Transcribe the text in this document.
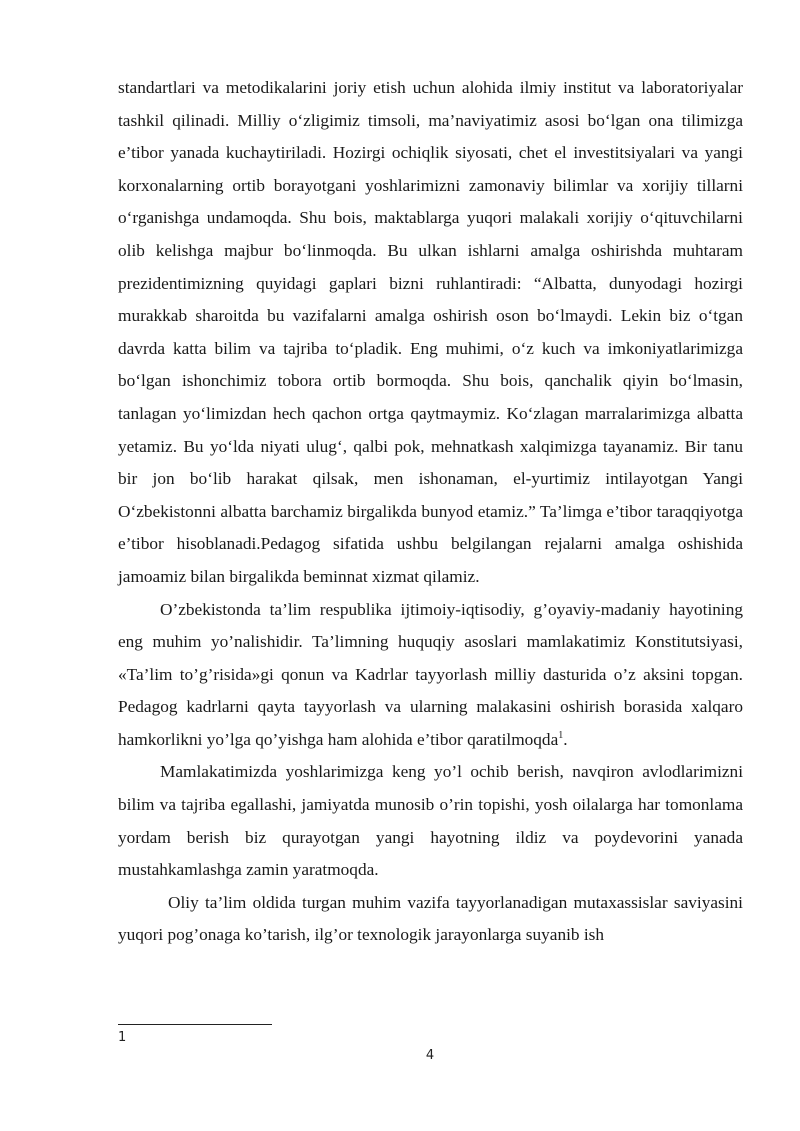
standartlari va metodikalarini joriy etish uchun alohida ilmiy institut va laboratoriyalar tashkil qilinadi. Milliy o‘zligimiz timsoli, ma’naviyatimiz asosi bo‘lgan ona tilimizga e’tibor yanada kuchaytiriladi. Hozirgi ochiqlik siyosati, chet el investitsiyalari va yangi korxonalarning ortib borayotgani yoshlarimizni zamonaviy bilimlar va xorijiy tillarni o‘rganishga undamoqda. Shu bois, maktablarga yuqori malakali xorijiy o‘qituvchilarni olib kelishga majbur bo‘linmoqda. Bu ulkan ishlarni amalga oshirishda muhtaram prezidentimizning quyidagi gaplari bizni ruhlantiradi: “Albatta, dunyodagi hozirgi murakkab sharoitda bu vazifalarni amalga oshirish oson bo‘lmaydi. Lekin biz o‘tgan davrda katta bilim va tajriba to‘pladik. Eng muhimi, o‘z kuch va imkoniyatlarimizga bo‘lgan ishonchimiz tobora ortib bormoqda. Shu bois, qanchalik qiyin bo‘lmasin, tanlagan yo‘limizdan hech qachon ortga qaytmaymiz. Ko‘zlagan marralarimizga albatta yetamiz. Bu yo‘lda niyati ulug‘, qalbi pok, mehnatkash xalqimizga tayanamiz. Bir tanu bir jon bo‘lib harakat qilsak, men ishonaman, el-yurtimiz intilayotgan Yangi O‘zbekistonni albatta barchamiz birgalikda bunyod etamiz.” Ta’limga e’tibor taraqqiyotga e’tibor hisoblanadi.Pedagog sifatida ushbu belgilangan rejalarni amalga oshishida jamoamiz bilan birgalikda beminnat xizmat qilamiz.

O’zbekistonda ta’lim respublika ijtimoiy-iqtisodiy, g’oyaviy-madaniy hayotining eng muhim yo’nalishidir. Ta’limning huquqiy asoslari mamlakatimiz Konstitutsiyasi, «Ta’lim to’g’risida»gi qonun va Kadrlar tayyorlash milliy dasturida o’z aksini topgan. Pedagog kadrlarni qayta tayyorlash va ularning malakasini oshirish borasida xalqaro hamkorlikni yo’lga qo’yishga ham alohida e’tibor qaratilmoqda$^1$.

Mamlakatimizda yoshlarimizga keng yo’l ochib berish, navqiron avlodlarimizni bilim va tajriba egallashi, jamiyatda munosib o’rin topishi, yosh oilalarga har tomonlama yordam berish biz qurayotgan yangi hayotning ildiz va poydevorini yanada mustahkamlashga zamin yaratmoqda.

Oliy ta’lim oldida turgan muhim vazifa tayyorlanadigan mutaxassislar saviyasini yuqori pog’onaga ko’tarish, ilg’or texnologik jarayonlarga suyanib ish

1
4
